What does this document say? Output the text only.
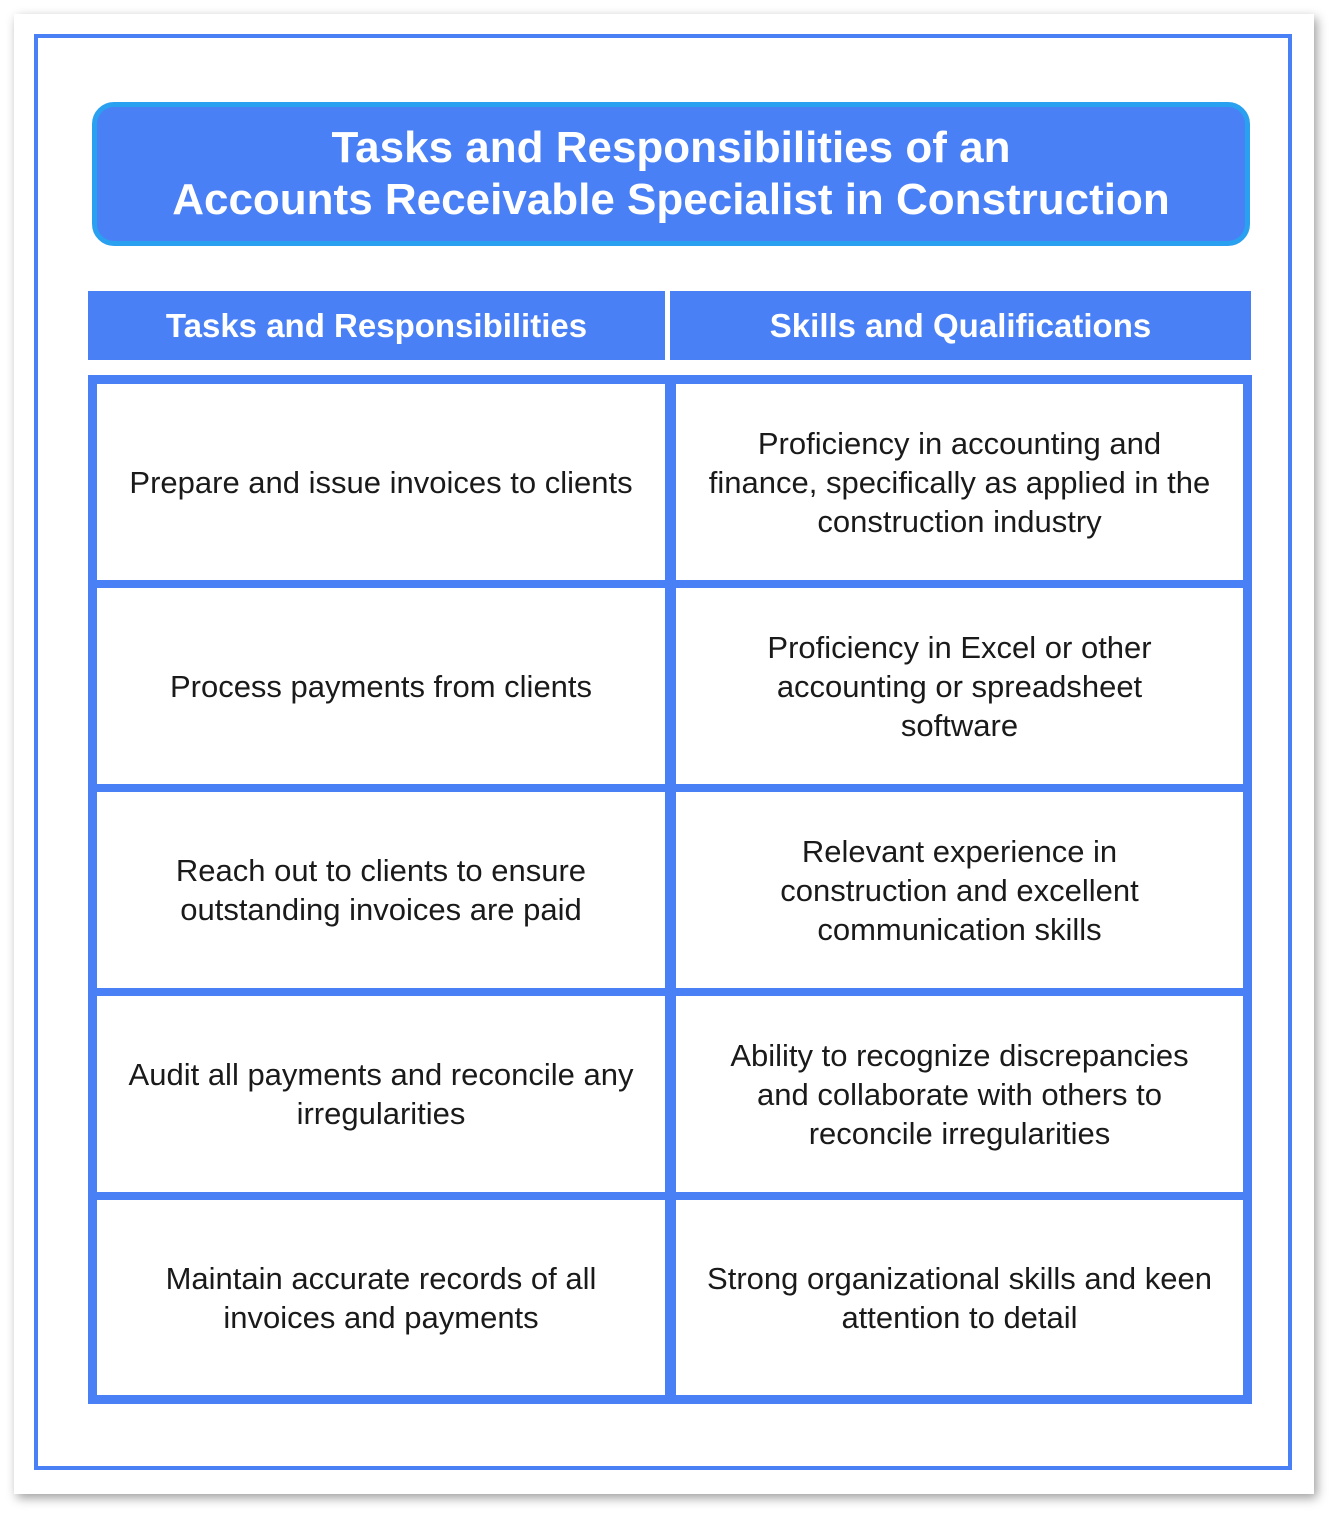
Tasks and Responsibilities of an
Accounts Receivable Specialist in Construction
Tasks and Responsibilities	Skills and Qualifications
Prepare and issue invoices to clients
Proficiency in accounting and finance, specifically as applied in the construction industry
Process payments from clients
Proficiency in Excel or other accounting or spreadsheet software
Reach out to clients to ensure outstanding invoices are paid
Relevant experience in construction and excellent communication skills
Audit all payments and reconcile any irregularities
Ability to recognize discrepancies and collaborate with others to reconcile irregularities
Maintain accurate records of all invoices and payments
Strong organizational skills and keen attention to detail
